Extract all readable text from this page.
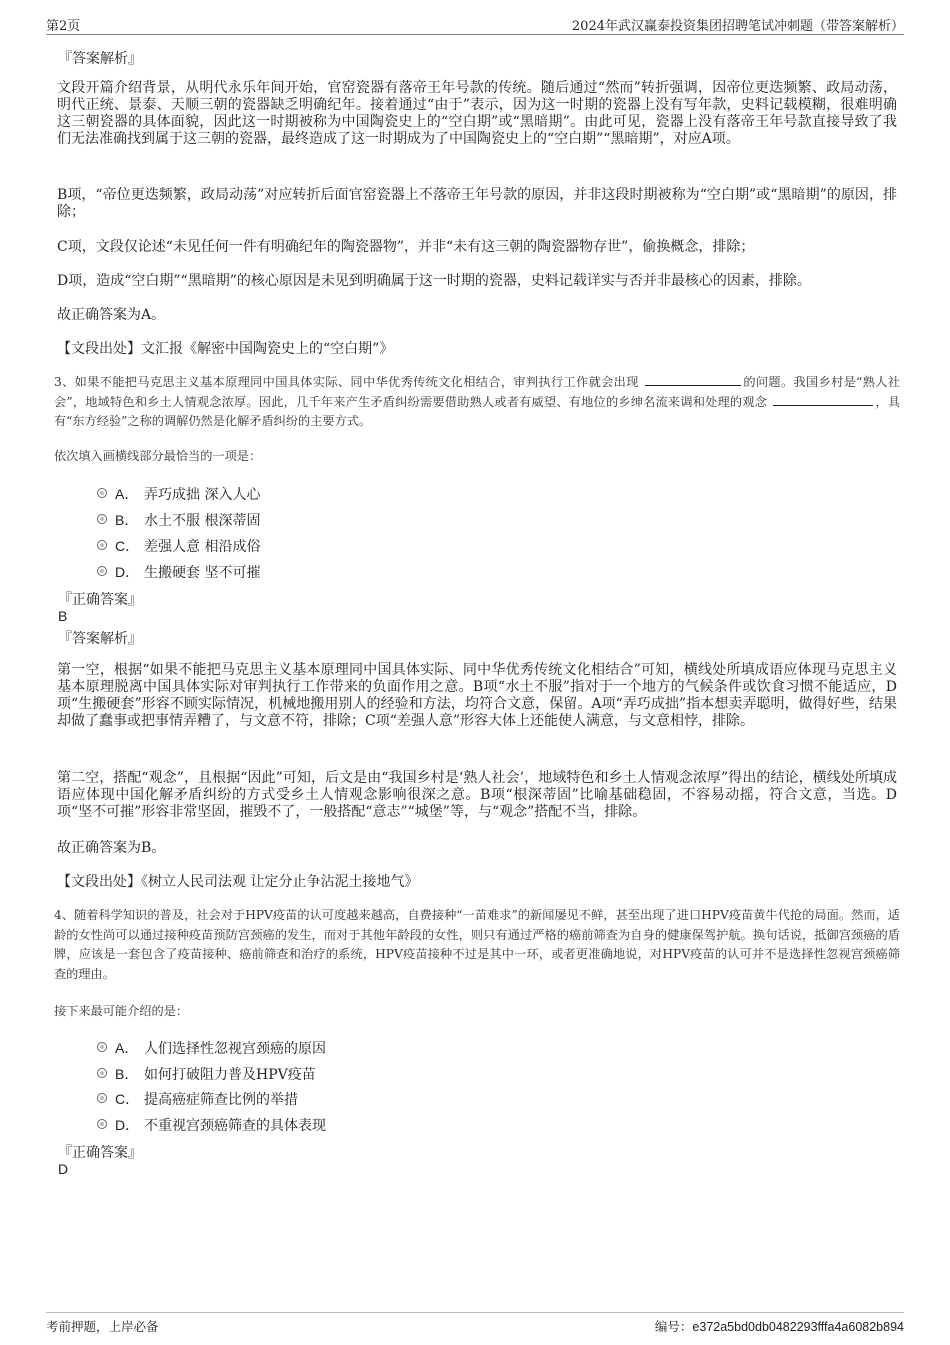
第2页	2024年武汉赢泰投资集团招聘笔试冲刺题（带答案解析）

『答案解析』

文段开篇介绍背景，从明代永乐年间开始，官窑瓷器有落帝王年号款的传统。随后通过“然而”转折强调，因帝位更迭频繁、政局动荡，明代正统、景泰、天顺三朝的瓷器缺乏明确纪年。接着通过“由于”表示，因为这一时期的瓷器上没有写年款，史料记载模糊，很难明确这三朝瓷器的具体面貌，因此这一时期被称为中国陶瓷史上的“空白期”或“黑暗期”。由此可见，瓷器上没有落帝王年号款直接导致了我们无法准确找到属于这三朝的瓷器，最终造成了这一时期成为了中国陶瓷史上的“空白期”“黑暗期”，对应A项。

B项，“帝位更迭频繁，政局动荡”对应转折后面官窑瓷器上不落帝王年号款的原因，并非这段时期被称为“空白期”或“黑暗期”的原因，排除；

C项，文段仅论述“未见任何一件有明确纪年的陶瓷器物”，并非“未有这三朝的陶瓷器物存世”，偷换概念，排除；

D项，造成“空白期”“黑暗期”的核心原因是未见到明确属于这一时期的瓷器，史料记载详实与否并非最核心的因素，排除。

故正确答案为A。

【文段出处】文汇报《解密中国陶瓷史上的“空白期”》

3、如果不能把马克思主义基本原理同中国具体实际、同中华优秀传统文化相结合，审判执行工作就会出现	的问题。我国乡村是“熟人社会”，地域特色和乡土人情观念浓厚。因此，几千年来产生矛盾纠纷需要借助熟人或者有威望、有地位的乡绅名流来调和处理的观念	，具有“东方经验”之称的调解仍然是化解矛盾纠纷的主要方式。

依次填入画横线部分最恰当的一项是：

A． 弄巧成拙 深入人心
B． 水土不服 根深蒂固
C． 差强人意 相沿成俗
D． 生搬硬套 坚不可摧

『正确答案』

B

『答案解析』

第一空，根据“如果不能把马克思主义基本原理同中国具体实际、同中华优秀传统文化相结合”可知，横线处所填成语应体现马克思主义基本原理脱离中国具体实际对审判执行工作带来的负面作用之意。B项“水土不服”指对于一个地方的气候条件或饮食习惯不能适应，D项“生搬硬套”形容不顾实际情况，机械地搬用别人的经验和方法，均符合文意，保留。A项“弄巧成拙”指本想卖弄聪明，做得好些，结果却做了蠢事或把事情弄糟了，与文意不符，排除；C项“差强人意”形容大体上还能使人满意，与文意相悖，排除。

第二空，搭配“观念”，且根据“因此”可知，后文是由“我国乡村是‘熟人社会’，地域特色和乡土人情观念浓厚”得出的结论，横线处所填成语应体现中国化解矛盾纠纷的方式受乡土人情观念影响很深之意。B项“根深蒂固”比喻基础稳固，不容易动摇，符合文意，当选。D项“坚不可摧”形容非常坚固，摧毁不了，一般搭配“意志”“城堡”等，与“观念”搭配不当，排除。

故正确答案为B。

【文段出处】《树立人民司法观 让定分止争沾泥土接地气》

4、随着科学知识的普及，社会对于HPV疫苗的认可度越来越高，自费接种“一苗难求”的新闻屡见不鲜，甚至出现了进口HPV疫苗黄牛代抢的局面。然而，适龄的女性尚可以通过接种疫苗预防宫颈癌的发生，而对于其他年龄段的女性，则只有通过严格的癌前筛查为自身的健康保驾护航。换句话说，抵御宫颈癌的盾牌，应该是一套包含了疫苗接种、癌前筛查和治疗的系统，HPV疫苗接种不过是其中一环，或者更准确地说，对HPV疫苗的认可并不是选择性忽视宫颈癌筛查的理由。

接下来最可能介绍的是：

A． 人们选择性忽视宫颈癌的原因
B． 如何打破阻力普及HPV疫苗
C． 提高癌症筛查比例的举措
D． 不重视宫颈癌筛查的具体表现

『正确答案』

D

考前押题，上岸必备	编号：e372a5bd0db0482293fffa4a6082b894
